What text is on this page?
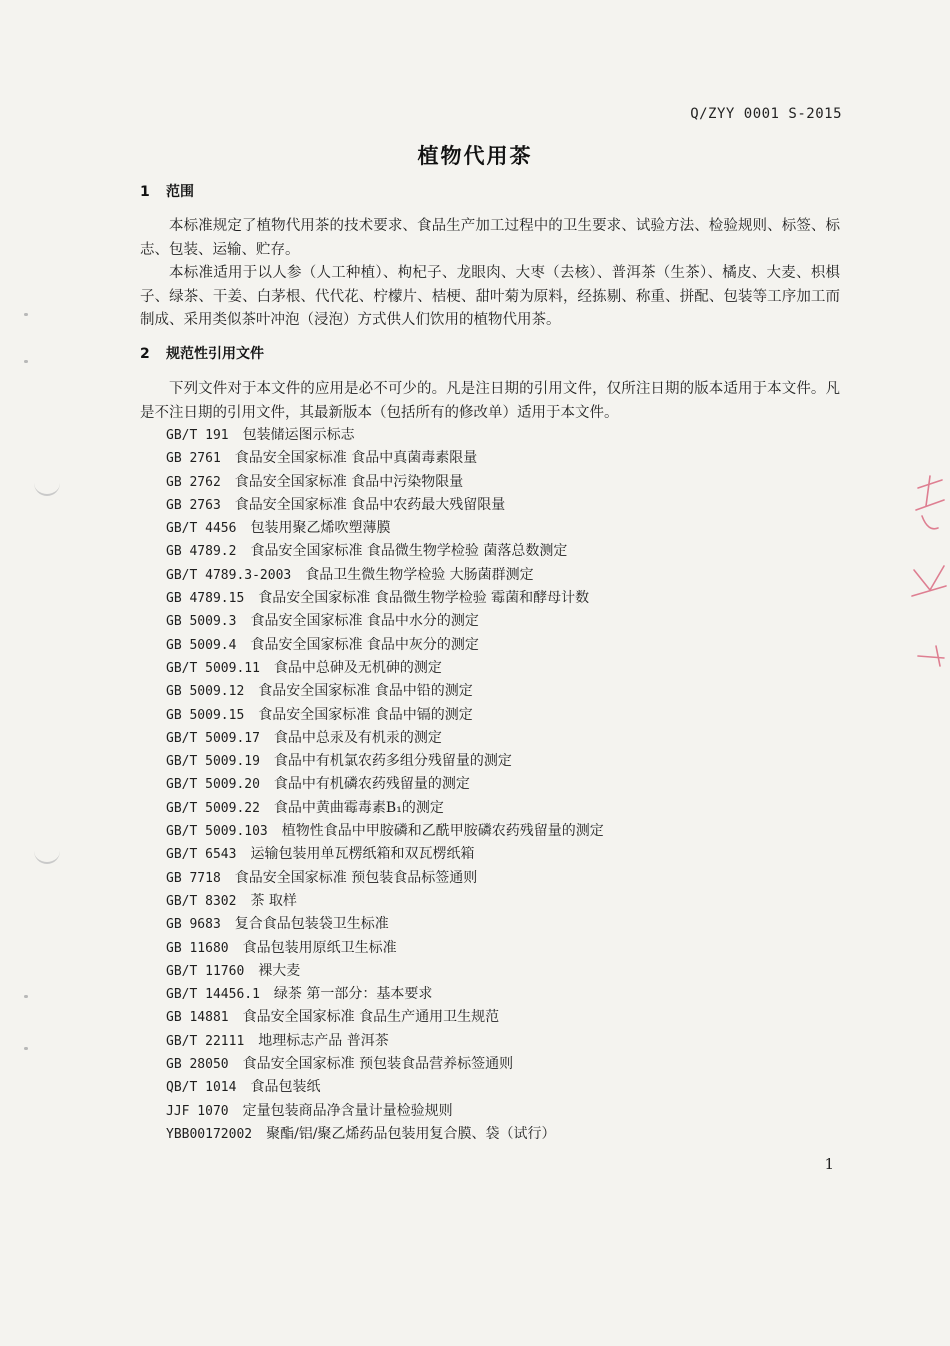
Q/ZYY 0001 S-2015
植物代用茶
1 范围
本标准规定了植物代用茶的技术要求、食品生产加工过程中的卫生要求、试验方法、检验规则、标签、标志、包装、运输、贮存。
本标准适用于以人参（人工种植）、枸杞子、龙眼肉、大枣（去核）、普洱茶（生茶）、橘皮、大麦、枳椇子、绿茶、干姜、白茅根、代代花、柠檬片、桔梗、甜叶菊为原料，经拣剔、称重、拼配、包装等工序加工而制成、采用类似茶叶冲泡（浸泡）方式供人们饮用的植物代用茶。
2 规范性引用文件
下列文件对于本文件的应用是必不可少的。凡是注日期的引用文件，仅所注日期的版本适用于本文件。凡是不注日期的引用文件，其最新版本（包括所有的修改单）适用于本文件。
GB/T 191 包装储运图示标志
GB 2761 食品安全国家标准 食品中真菌毒素限量
GB 2762 食品安全国家标准 食品中污染物限量
GB 2763 食品安全国家标准 食品中农药最大残留限量
GB/T 4456 包装用聚乙烯吹塑薄膜
GB 4789.2 食品安全国家标准 食品微生物学检验 菌落总数测定
GB/T 4789.3-2003 食品卫生微生物学检验 大肠菌群测定
GB 4789.15 食品安全国家标准 食品微生物学检验 霉菌和酵母计数
GB 5009.3 食品安全国家标准 食品中水分的测定
GB 5009.4 食品安全国家标准 食品中灰分的测定
GB/T 5009.11 食品中总砷及无机砷的测定
GB 5009.12 食品安全国家标准 食品中铅的测定
GB 5009.15 食品安全国家标准 食品中镉的测定
GB/T 5009.17 食品中总汞及有机汞的测定
GB/T 5009.19 食品中有机氯农药多组分残留量的测定
GB/T 5009.20 食品中有机磷农药残留量的测定
GB/T 5009.22 食品中黄曲霉毒素B₁的测定
GB/T 5009.103 植物性食品中甲胺磷和乙酰甲胺磷农药残留量的测定
GB/T 6543 运输包装用单瓦楞纸箱和双瓦楞纸箱
GB 7718 食品安全国家标准 预包装食品标签通则
GB/T 8302 茶 取样
GB 9683 复合食品包装袋卫生标准
GB 11680 食品包装用原纸卫生标准
GB/T 11760 裸大麦
GB/T 14456.1 绿茶 第一部分：基本要求
GB 14881 食品安全国家标准 食品生产通用卫生规范
GB/T 22111 地理标志产品 普洱茶
GB 28050 食品安全国家标准 预包装食品营养标签通则
QB/T 1014 食品包装纸
JJF 1070 定量包装商品净含量计量检验规则
YBB00172002 聚酯/铝/聚乙烯药品包装用复合膜、袋（试行）
1
